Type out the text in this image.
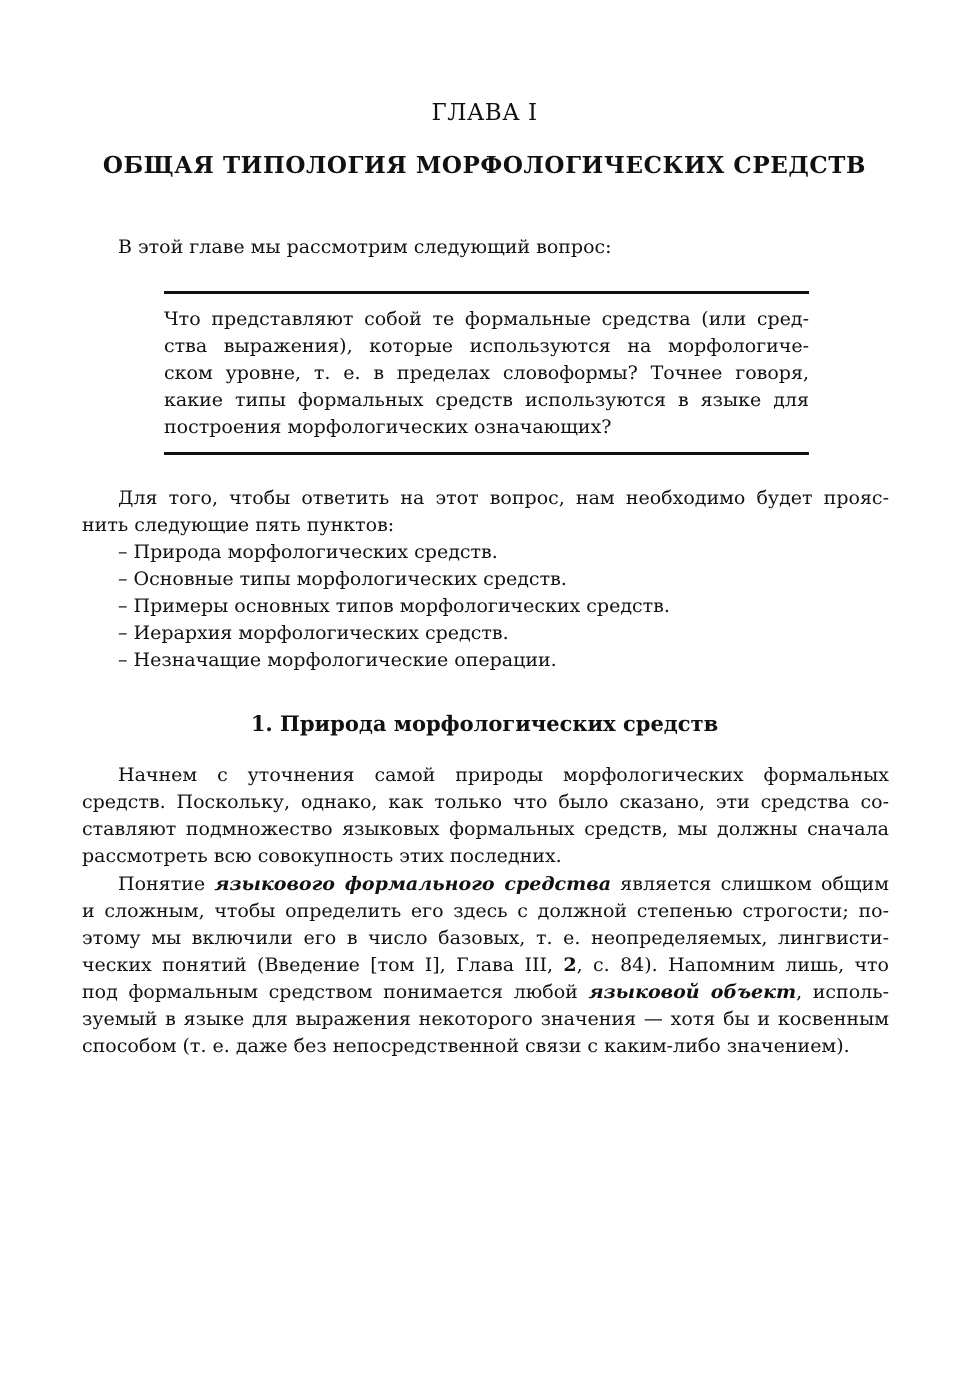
ГЛАВА I
ОБЩАЯ ТИПОЛОГИЯ МОРФОЛОГИЧЕСКИХ СРЕДСТВ
В этой главе мы рассмотрим следующий вопрос:
Что представляют собой те формальные средства (или сред-
ства выражения), которые используются на морфологиче-
ском уровне, т. е. в пределах словоформы? Точнее говоря,
какие типы формальных средств используются в языке для
построения морфологических означающих?
Для того, чтобы ответить на этот вопрос, нам необходимо будет прояс-
нить следующие пять пунктов:
– Природа морфологических средств.
– Основные типы морфологических средств.
– Примеры основных типов морфологических средств.
– Иерархия морфологических средств.
– Незначащие морфологические операции.
1. Природа морфологических средств
Начнем с уточнения самой природы морфологических формальных
средств. Поскольку, однако, как только что было сказано, эти средства со-
ставляют подмножество языковых формальных средств, мы должны сначала
рассмотреть всю совокупность этих последних.
Понятие языкового формального средства является слишком общим
и сложным, чтобы определить его здесь с должной степенью строгости; по-
этому мы включили его в число базовых, т. е. неопределяемых, лингвисти-
ческих понятий (Введение [том I], Глава III, 2, с. 84). Напомним лишь, что
под формальным средством понимается любой языковой объект, исполь-
зуемый в языке для выражения некоторого значения — хотя бы и косвенным
способом (т. е. даже без непосредственной связи с каким-либо значением).
